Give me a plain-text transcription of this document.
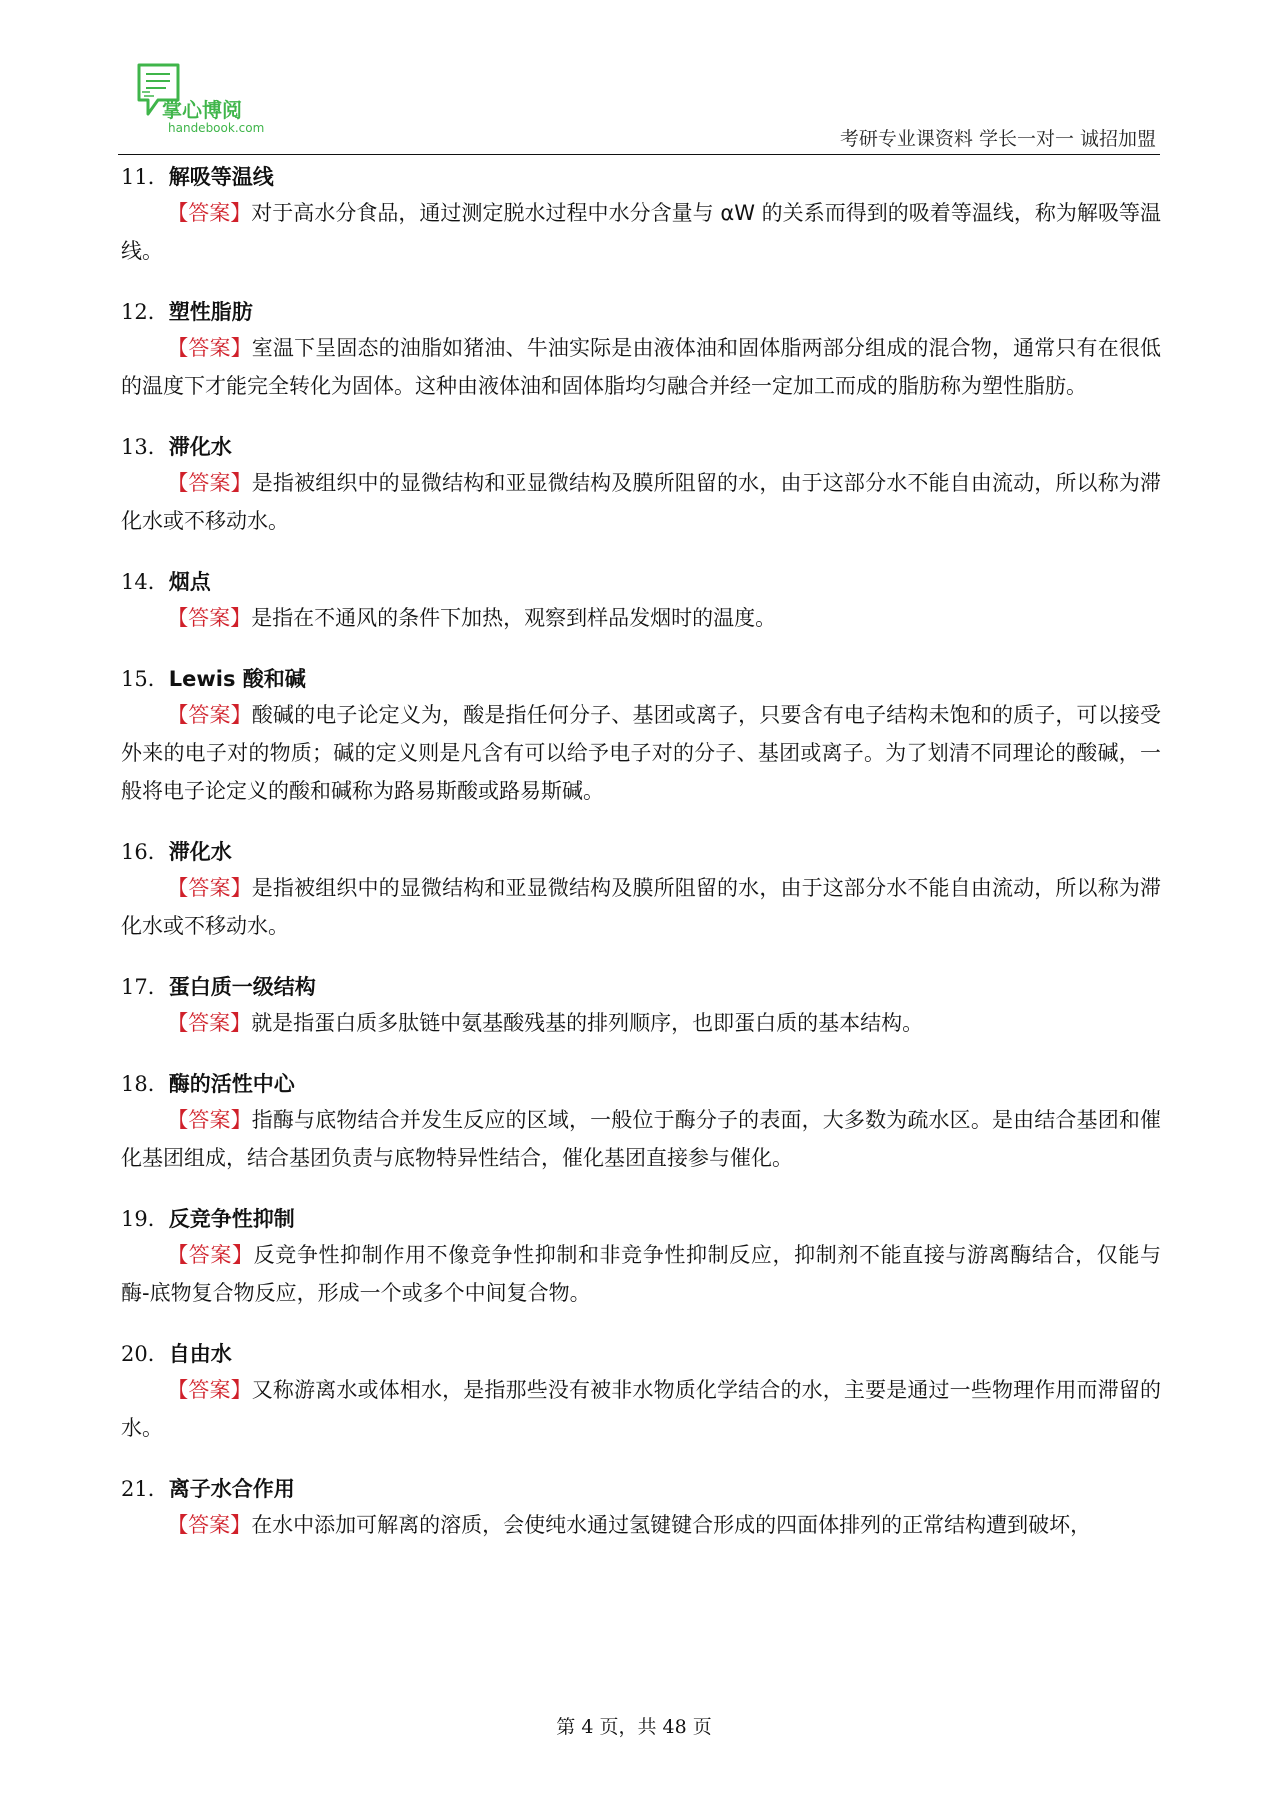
掌心博阅
handebook.com	考研专业课资料 学长一对一 诚招加盟
11．解吸等温线
【答案】对于高水分食品，通过测定脱水过程中水分含量与 αW 的关系而得到的吸着等温线，称为解吸等温线。
12．塑性脂肪
【答案】室温下呈固态的油脂如猪油、牛油实际是由液体油和固体脂两部分组成的混合物，通常只有在很低的温度下才能完全转化为固体。这种由液体油和固体脂均匀融合并经一定加工而成的脂肪称为塑性脂肪。
13．滞化水
【答案】是指被组织中的显微结构和亚显微结构及膜所阻留的水，由于这部分水不能自由流动，所以称为滞化水或不移动水。
14．烟点
【答案】是指在不通风的条件下加热，观察到样品发烟时的温度。
15．Lewis 酸和碱
【答案】酸碱的电子论定义为，酸是指任何分子、基团或离子，只要含有电子结构未饱和的质子，可以接受外来的电子对的物质；碱的定义则是凡含有可以给予电子对的分子、基团或离子。为了划清不同理论的酸碱，一般将电子论定义的酸和碱称为路易斯酸或路易斯碱。
16．滞化水
【答案】是指被组织中的显微结构和亚显微结构及膜所阻留的水，由于这部分水不能自由流动，所以称为滞化水或不移动水。
17．蛋白质一级结构
【答案】就是指蛋白质多肽链中氨基酸残基的排列顺序，也即蛋白质的基本结构。
18．酶的活性中心
【答案】指酶与底物结合并发生反应的区域，一般位于酶分子的表面，大多数为疏水区。是由结合基团和催化基团组成，结合基团负责与底物特异性结合，催化基团直接参与催化。
19．反竞争性抑制
【答案】反竞争性抑制作用不像竞争性抑制和非竞争性抑制反应，抑制剂不能直接与游离酶结合，仅能与酶-底物复合物反应，形成一个或多个中间复合物。
20．自由水
【答案】又称游离水或体相水，是指那些没有被非水物质化学结合的水，主要是通过一些物理作用而滞留的水。
21．离子水合作用
【答案】在水中添加可解离的溶质，会使纯水通过氢键键合形成的四面体排列的正常结构遭到破坏，
第 4 页，共 48 页
